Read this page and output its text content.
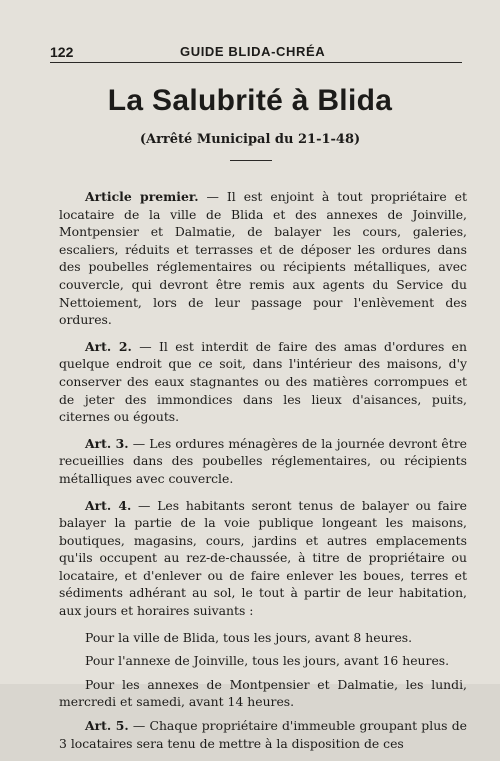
122	GUIDE BLIDA-CHRÉA
La Salubrité à Blida
(Arrêté Municipal du 21-1-48)

Article premier. — Il est enjoint à tout propriétaire et locataire de la ville de Blida et des annexes de Joinville, Montpensier et Dalmatie, de balayer les cours, galeries, escaliers, réduits et terrasses et de déposer les ordures dans des poubelles réglementaires ou récipients métalliques, avec couvercle, qui devront être remis aux agents du Service du Nettoiement, lors de leur passage pour l'enlèvement des ordures.

Art. 2. — Il est interdit de faire des amas d'ordures en quelque endroit que ce soit, dans l'intérieur des maisons, d'y conserver des eaux stagnantes ou des matières corrompues et de jeter des immondices dans les lieux d'aisances, puits, citernes ou égouts.

Art. 3. — Les ordures ménagères de la journée devront être recueillies dans des poubelles réglementaires, ou récipients métalliques avec couvercle.

Art. 4. — Les habitants seront tenus de balayer ou faire balayer la partie de la voie publique longeant les maisons, boutiques, magasins, cours, jardins et autres emplacements qu'ils occupent au rez-de-chaussée, à titre de propriétaire ou locataire, et d'enlever ou de faire enlever les boues, terres et sédiments adhérant au sol, le tout à partir de leur habitation, aux jours et horaires suivants :

Pour la ville de Blida, tous les jours, avant 8 heures.

Pour l'annexe de Joinville, tous les jours, avant 16 heures.

Pour les annexes de Montpensier et Dalmatie, les lundi, mercredi et samedi, avant 14 heures.

Art. 5. — Chaque propriétaire d'immeuble groupant plus de 3 locataires sera tenu de mettre à la disposition de ces
